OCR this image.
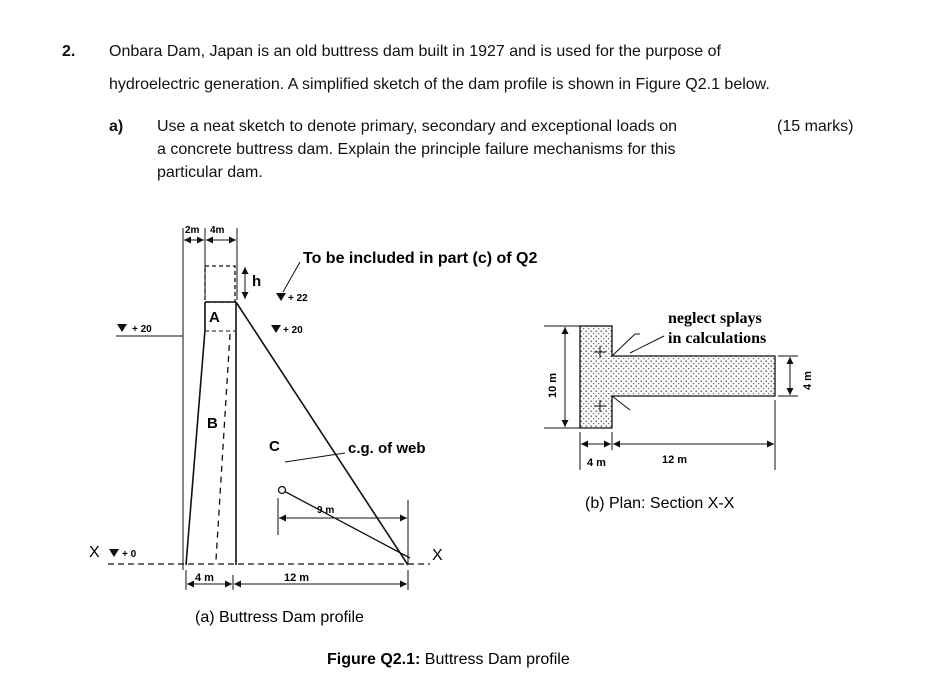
2. Onbara Dam, Japan is an old buttress dam built in 1927 and is used for the purpose of
hydroelectric generation. A simplified sketch of the dam profile is shown in Figure Q2.1 below.
a) Use a neat sketch to denote primary, secondary and exceptional loads on	(15 marks)
a concrete buttress dam. Explain the principle failure mechanisms for this
particular dam.
2m 4m
h
A
B
C
To be included in part (c) of Q2
+ 22
+ 20
+ 20
c.g. of web
9 m
X + 0	X
4 m	12 m
(a) Buttress Dam profile
neglect splays
in calculations
10 m	4 m
4 m	12 m
(b) Plan: Section X-X
Figure Q2.1: Buttress Dam profile
